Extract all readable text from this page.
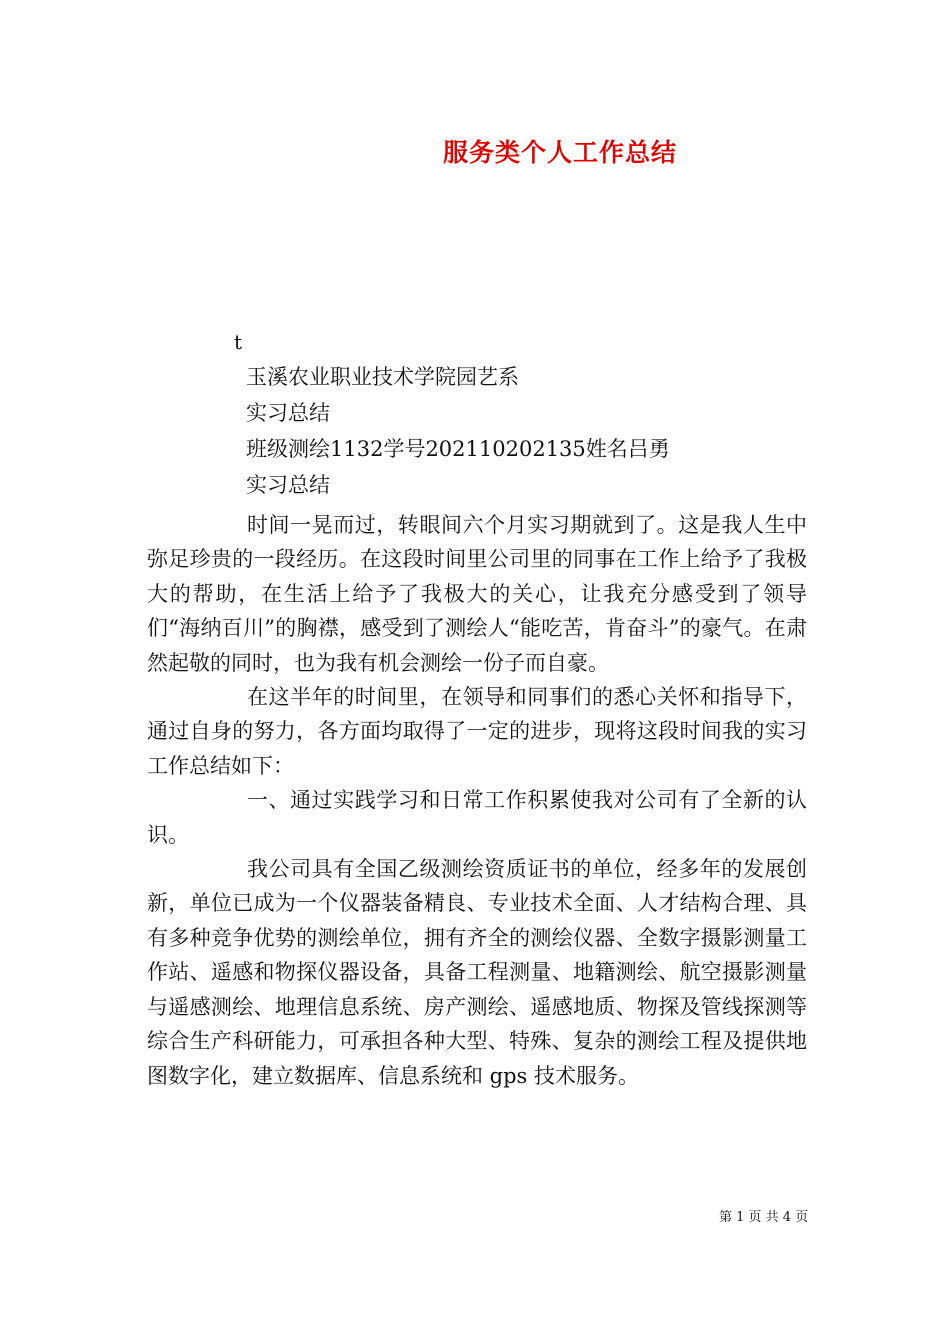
服务类个人工作总结
t
玉溪农业职业技术学院园艺系
实习总结
班级测绘1132学号202110202135姓名吕勇
实习总结

时间一晃而过，转眼间六个月实习期就到了。这是我人生中弥足珍贵的一段经历。在这段时间里公司里的同事在工作上给予了我极大的帮助，在生活上给予了我极大的关心，让我充分感受到了领导们“海纳百川”的胸襟，感受到了测绘人“能吃苦，肯奋斗”的豪气。在肃然起敬的同时，也为我有机会测绘一份子而自豪。

在这半年的时间里，在领导和同事们的悉心关怀和指导下，通过自身的努力，各方面均取得了一定的进步，现将这段时间我的实习工作总结如下：

一、通过实践学习和日常工作积累使我对公司有了全新的认识。

我公司具有全国乙级测绘资质证书的单位，经多年的发展创新，单位已成为一个仪器装备精良、专业技术全面、人才结构合理、具有多种竞争优势的测绘单位，拥有齐全的测绘仪器、全数字摄影测量工作站、遥感和物探仪器设备，具备工程测量、地籍测绘、航空摄影测量与遥感测绘、地理信息系统、房产测绘、遥感地质、物探及管线探测等综合生产科研能力，可承担各种大型、特殊、复杂的测绘工程及提供地图数字化，建立数据库、信息系统和 gps 技术服务。

第 1 页 共 4 页
